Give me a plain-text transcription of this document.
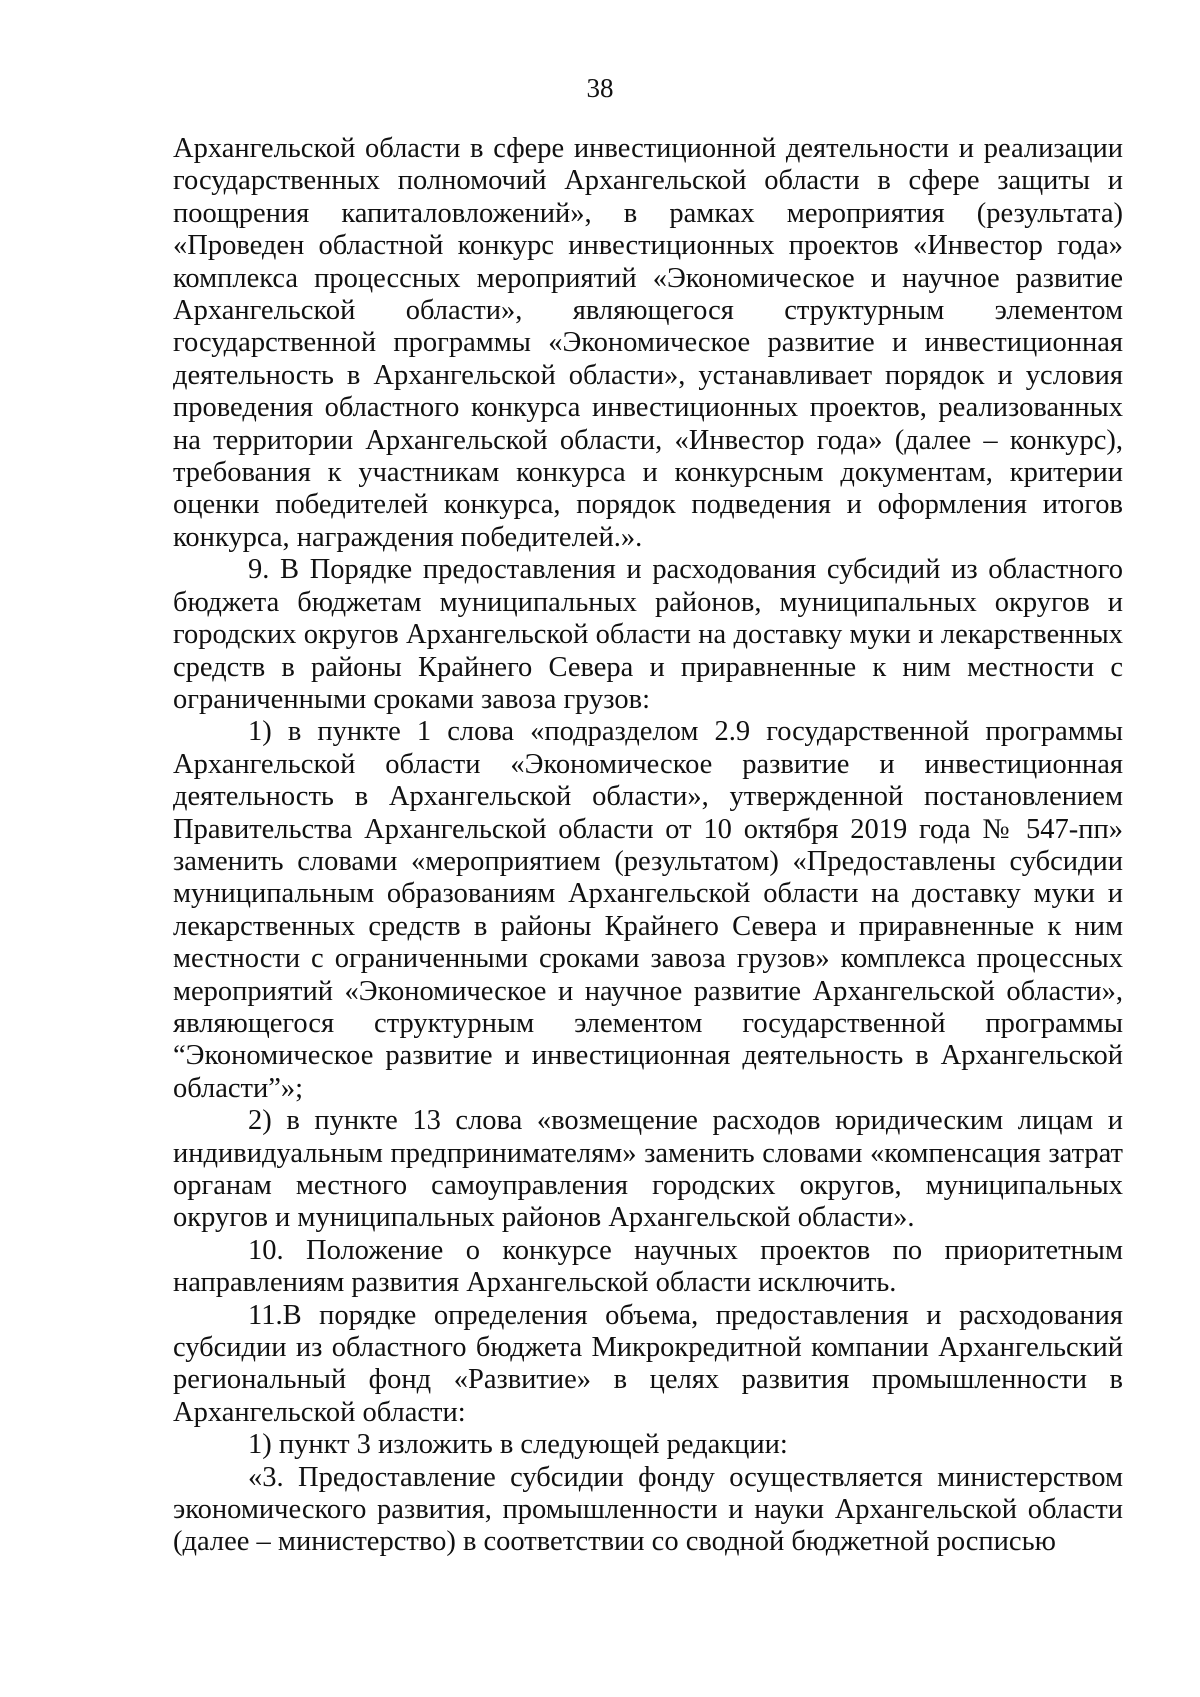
38

Архангельской области в сфере инвестиционной деятельности и реализации государственных полномочий Архангельской области в сфере защиты и поощрения капиталовложений», в рамках мероприятия (результата) «Проведен областной конкурс инвестиционных проектов «Инвестор года» комплекса процессных мероприятий «Экономическое и научное развитие Архангельской области», являющегося структурным элементом государственной программы «Экономическое развитие и инвестиционная деятельность в Архангельской области», устанавливает порядок и условия проведения областного конкурса инвестиционных проектов, реализованных на территории Архангельской области, «Инвестор года» (далее – конкурс), требования к участникам конкурса и конкурсным документам, критерии оценки победителей конкурса, порядок подведения и оформления итогов конкурса, награждения победителей.».

9. В Порядке предоставления и расходования субсидий из областного бюджета бюджетам муниципальных районов, муниципальных округов и городских округов Архангельской области на доставку муки и лекарственных средств в районы Крайнего Севера и приравненные к ним местности с ограниченными сроками завоза грузов:

1) в пункте 1 слова «подразделом 2.9 государственной программы Архангельской области «Экономическое развитие и инвестиционная деятельность в Архангельской области», утвержденной постановлением Правительства Архангельской области от 10 октября 2019 года № 547-пп» заменить словами «мероприятием (результатом) «Предоставлены субсидии муниципальным образованиям Архангельской области на доставку муки и лекарственных средств в районы Крайнего Севера и приравненные к ним местности с ограниченными сроками завоза грузов» комплекса процессных мероприятий «Экономическое и научное развитие Архангельской области», являющегося структурным элементом государственной программы “Экономическое развитие и инвестиционная деятельность в Архангельской области”»;

2) в пункте 13 слова «возмещение расходов юридическим лицам и индивидуальным предпринимателям» заменить словами «компенсация затрат органам местного самоуправления городских округов, муниципальных округов и муниципальных районов Архангельской области».

10. Положение о конкурсе научных проектов по приоритетным направлениям развития Архангельской области исключить.

11.В порядке определения объема, предоставления и расходования субсидии из областного бюджета Микрокредитной компании Архангельский региональный фонд «Развитие» в целях развития промышленности в Архангельской области:

1) пункт 3 изложить в следующей редакции:

«3. Предоставление субсидии фонду осуществляется министерством экономического развития, промышленности и науки Архангельской области (далее – министерство) в соответствии со сводной бюджетной росписью
